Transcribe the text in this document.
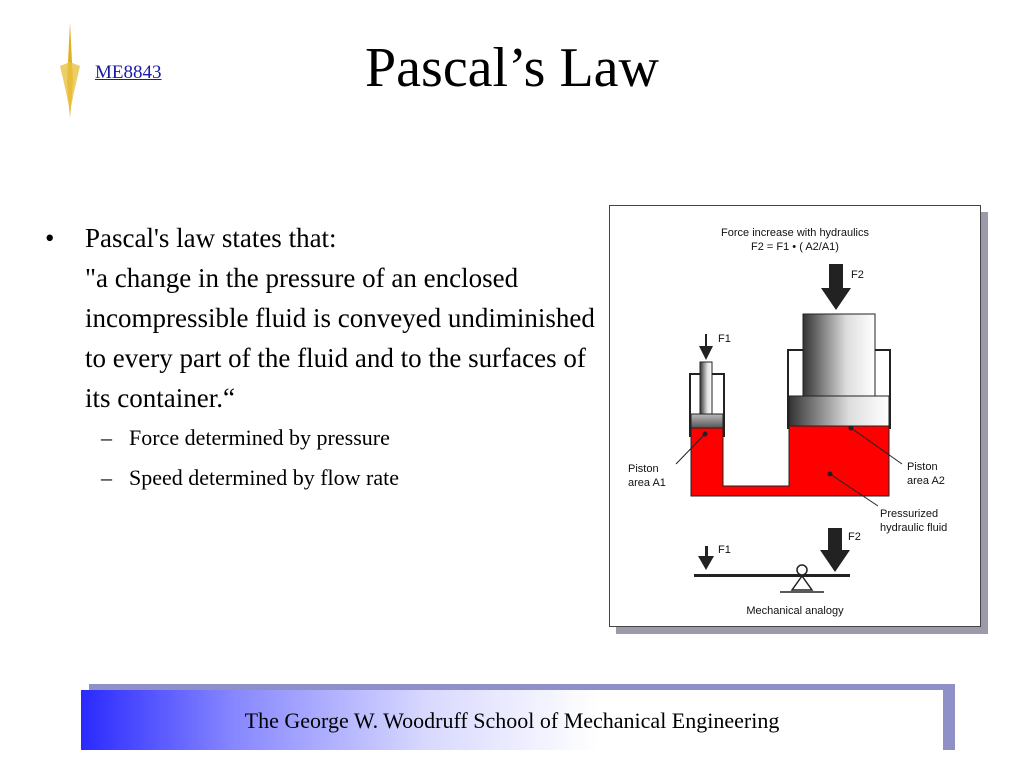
ME8843	Pascal’s Law
• Pascal's law states that:
"a change in the pressure of an enclosed incompressible fluid is conveyed undiminished to every part of the fluid and to the surfaces of its container.“
– Force determined by pressure
– Speed determined by flow rate
Force increase with hydraulics
F2 = F1 • ( A2/A1)
F2
F1
Piston
area A1
Piston
area A2
Pressurized
hydraulic fluid
F1
F2
Mechanical analogy
The George W. Woodruff School of Mechanical Engineering
